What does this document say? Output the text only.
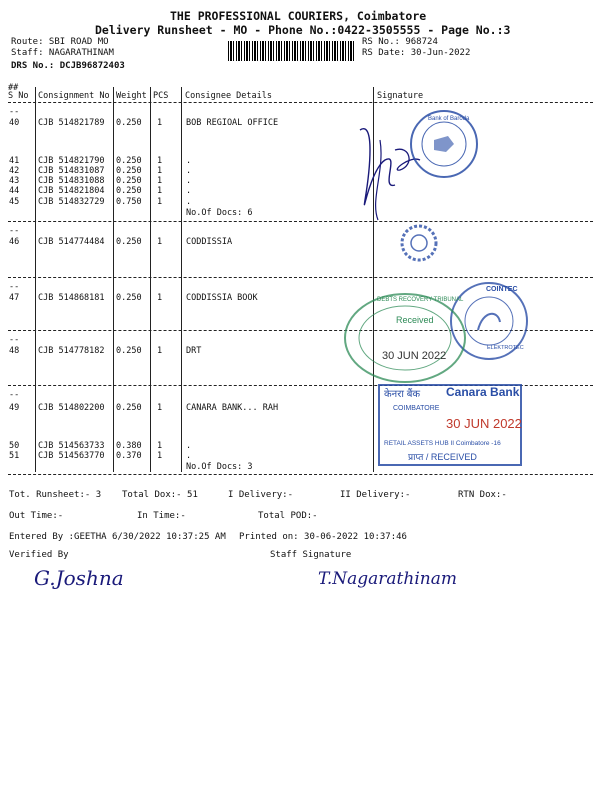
THE PROFESSIONAL COURIERS, Coimbatore
Delivery Runsheet - MO - Phone No.:0422-3505555 - Page No.:3
Route: SBI ROAD MO
Staff: NAGARATHINAM
DRS No.: DCJB96872403
RS No.: 968724
RS Date: 30-Jun-2022
##
S No Consignment No Weight PCS Consignee Details	Signature
--
--
--
--
--
40 CJB 514821789 0.250 1	BOB REGIOAL OFFICE
41 CJB 514821790 0.250 1	.
42 CJB 514831087 0.250 1	.
43 CJB 514831088 0.250 1	.
44 CJB 514821804 0.250 1	.
45 CJB 514832729 0.750 1	.
No.Of Docs: 6
46 CJB 514774484 0.250 1	CODDISSIA
47 CJB 514868181 0.250 1	CODDISSIA BOOK
48 CJB 514778182 0.250 1	DRT
49 CJB 514802200 0.250 1	CANARA BANK... RAH
50 CJB 514563733 0.380 1	.
51 CJB 514563770 0.370 1	.
No.Of Docs: 3
Bank of Baroda
COINTEC
ELEKTROTEC
DEBTS RECOVERY TRIBUNAL
Received
30 JUN 2022
केनरा बैंक Canara Bank
COIMBATORE
30 JUN 2022
RETAIL ASSETS HUB II Coimbatore -16
प्राप्त / RECEIVED
Tot. Runsheet:- 3 Total Dox:- 51	I Delivery:-	II Delivery:-	RTN Dox:-
Out Time:-	In Time:-	Total POD:-
Entered By :GEETHA 6/30/2022 10:37:25 AM Printed on: 30-06-2022 10:37:46
Verified By	Staff Signature
G.Joshna	T.Nagarathinam
